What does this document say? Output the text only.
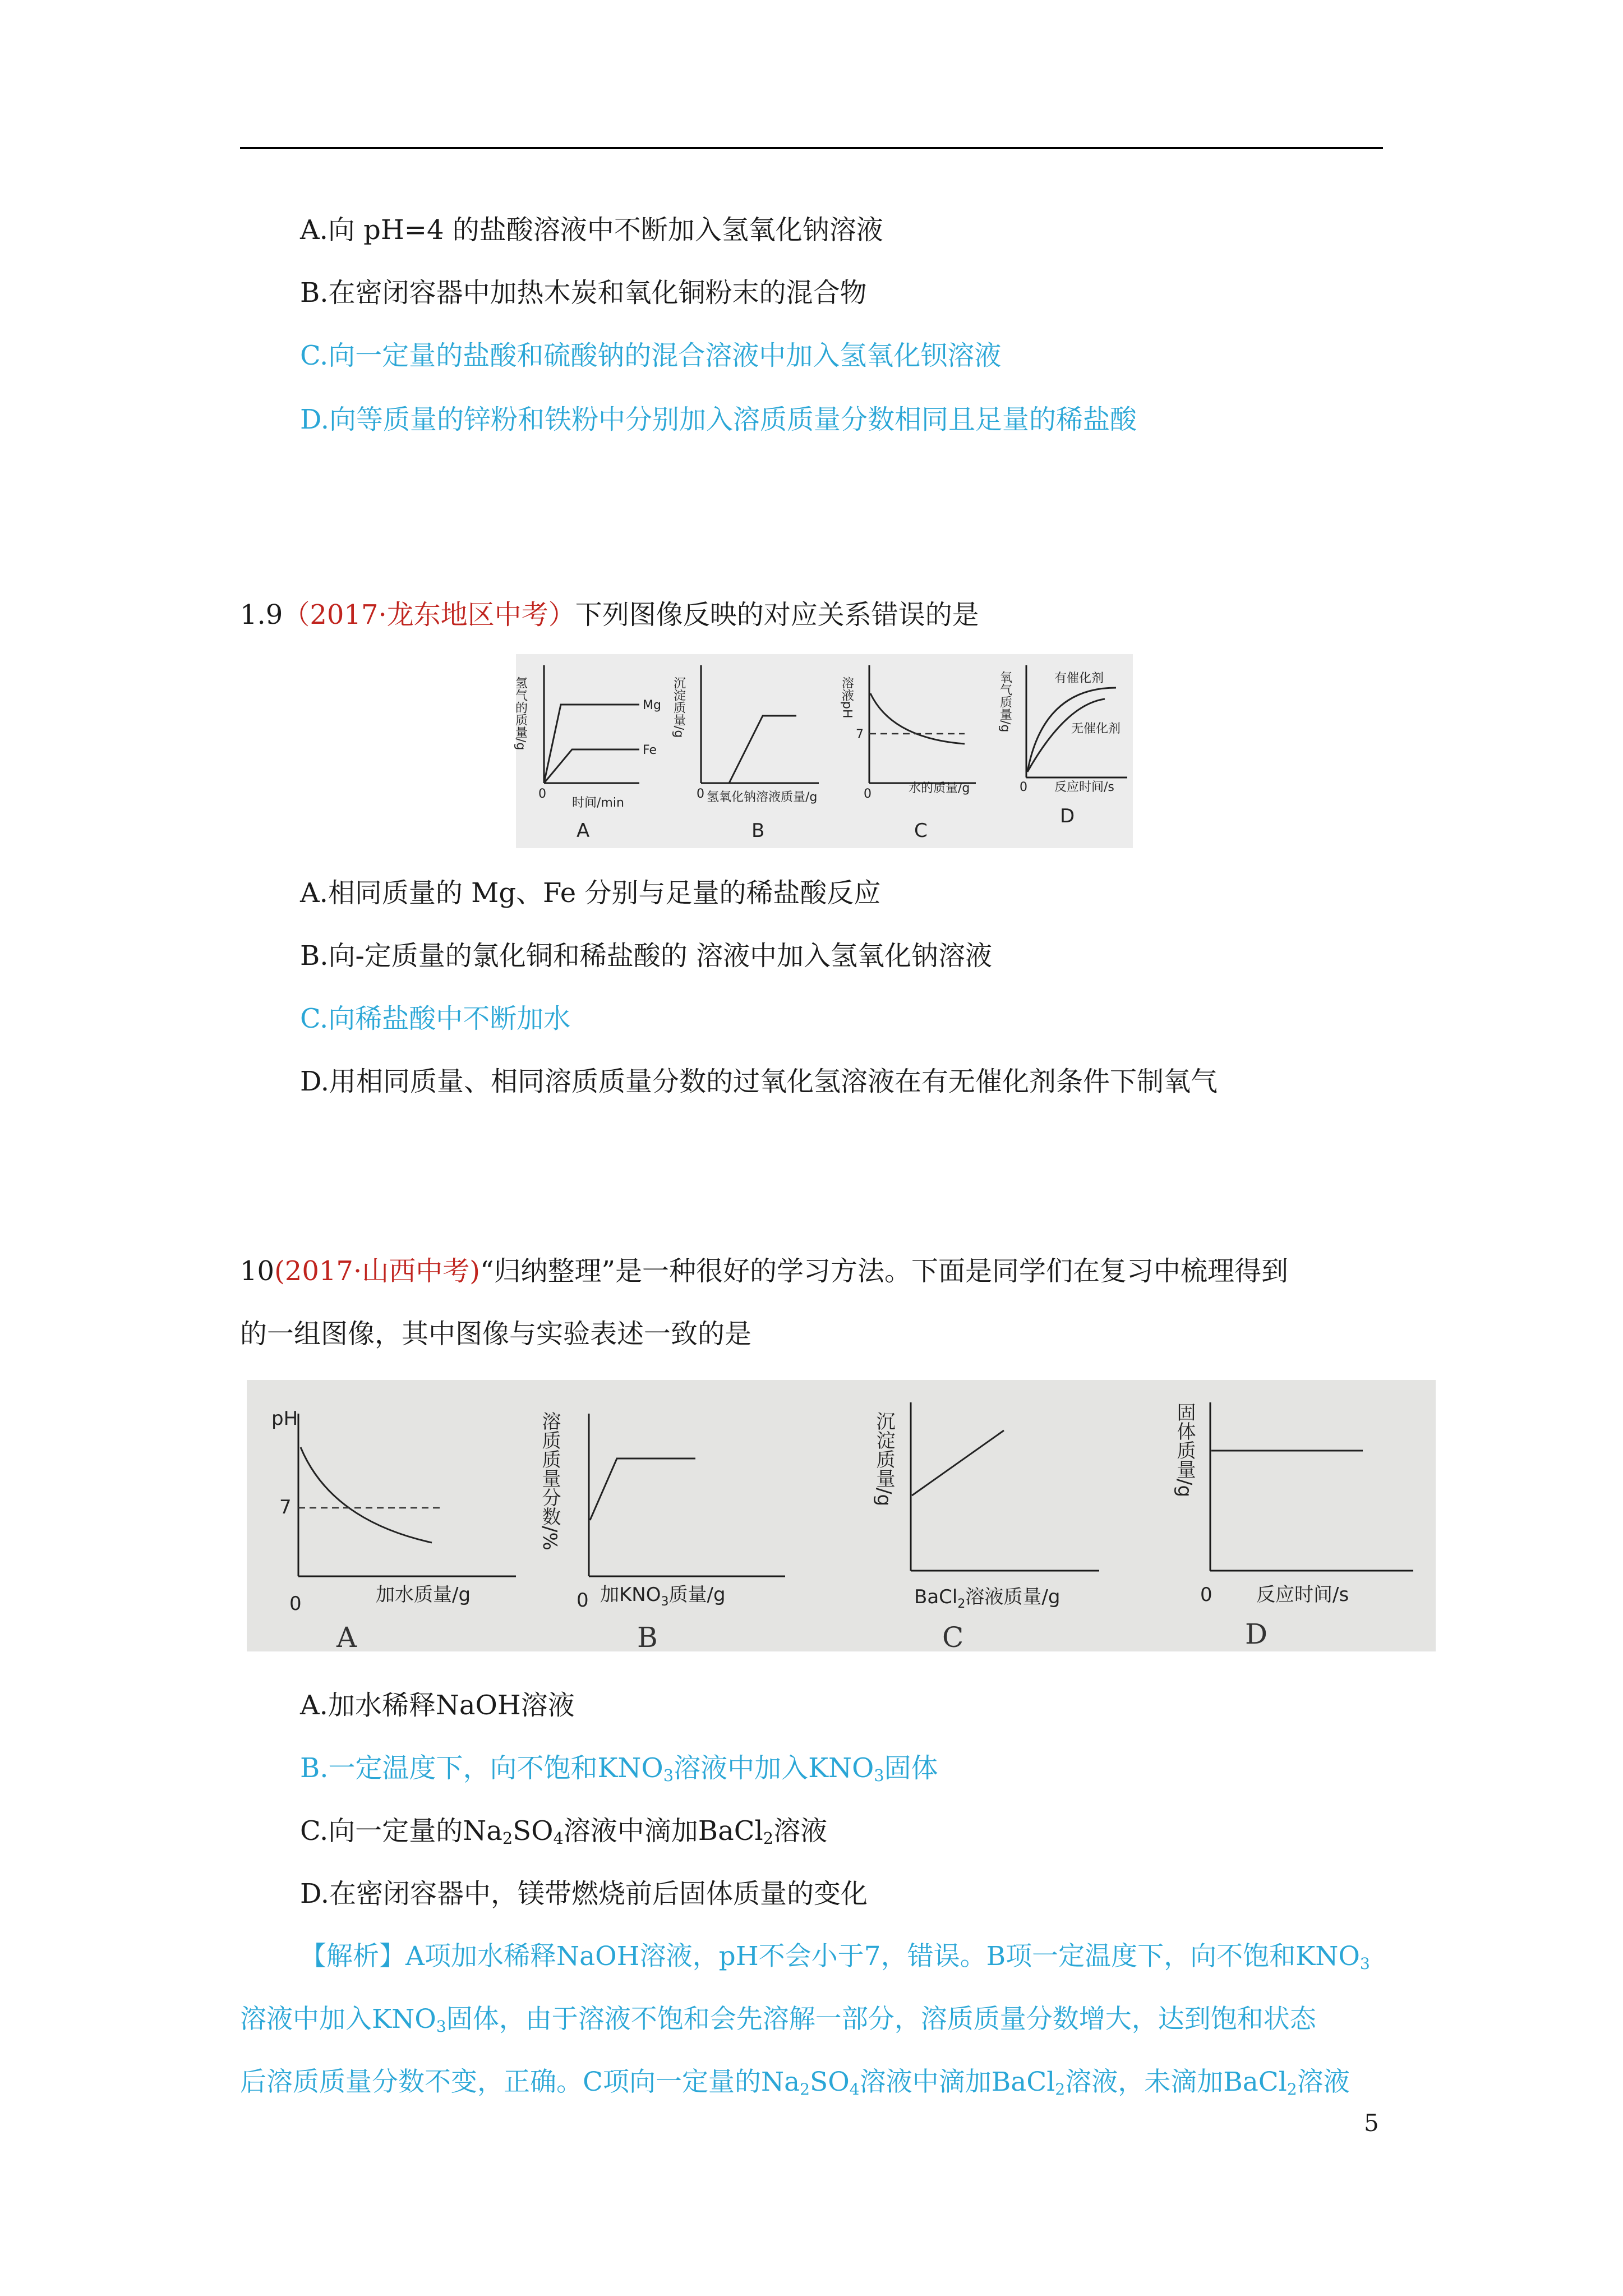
A.向 pH=4 的盐酸溶液中不断加入氢氧化钠溶液
B.在密闭容器中加热木炭和氧化铜粉末的混合物
C.向一定量的盐酸和硫酸钠的混合溶液中加入氢氧化钡溶液
D.向等质量的锌粉和铁粉中分别加入溶质质量分数相同且足量的稀盐酸
1.9（2017·龙东地区中考）下列图像反映的对应关系错误的是
氢气的质量/g	Mg
Fe
0
时间/min
A
沉淀质量/g
0 氢氧化钠溶液质量/g
B
溶液pH
7
0	水的质量/g
C
氧气质量/g	有催化剂
无催化剂
0 反应时间/s
D
A.相同质量的 Mg、Fe 分别与足量的稀盐酸反应
B.向-定质量的氯化铜和稀盐酸的 溶液中加入氢氧化钠溶液
C.向稀盐酸中不断加水
D.用相同质量、相同溶质质量分数的过氧化氢溶液在有无催化剂条件下制氧气
10(2017·山西中考)“归纳整理”是一种很好的学习方法。下面是同学们在复习中梳理得到
的一组图像，其中图像与实验表述一致的是
pH
7
0	加水质量/g
A
溶质质量分数/%
0 加$KNO_3$质量/g
B
沉淀质量/g
BaCl$_2$溶液质量/g
C
固体质量/g
0 反应时间/s
D
A.加水稀释NaOH溶液
B.一定温度下，向不饱和$KNO_3$溶液中加入$KNO_3$固体
C.向一定量的$Na_2SO_4$溶液中滴加BaCl$_2$溶液
D.在密闭容器中，镁带燃烧前后固体质量的变化
【解析】A项加水稀释NaOH溶液，pH不会小于7，错误。B项一定温度下，向不饱和$KNO_3$
溶液中加入$KNO_3$固体，由于溶液不饱和会先溶解一部分，溶质质量分数增大，达到饱和状态
后溶质质量分数不变，正确。C项向一定量的$Na_2SO_4$溶液中滴加BaCl$_2$溶液，未滴加BaCl$_2$溶液
5
